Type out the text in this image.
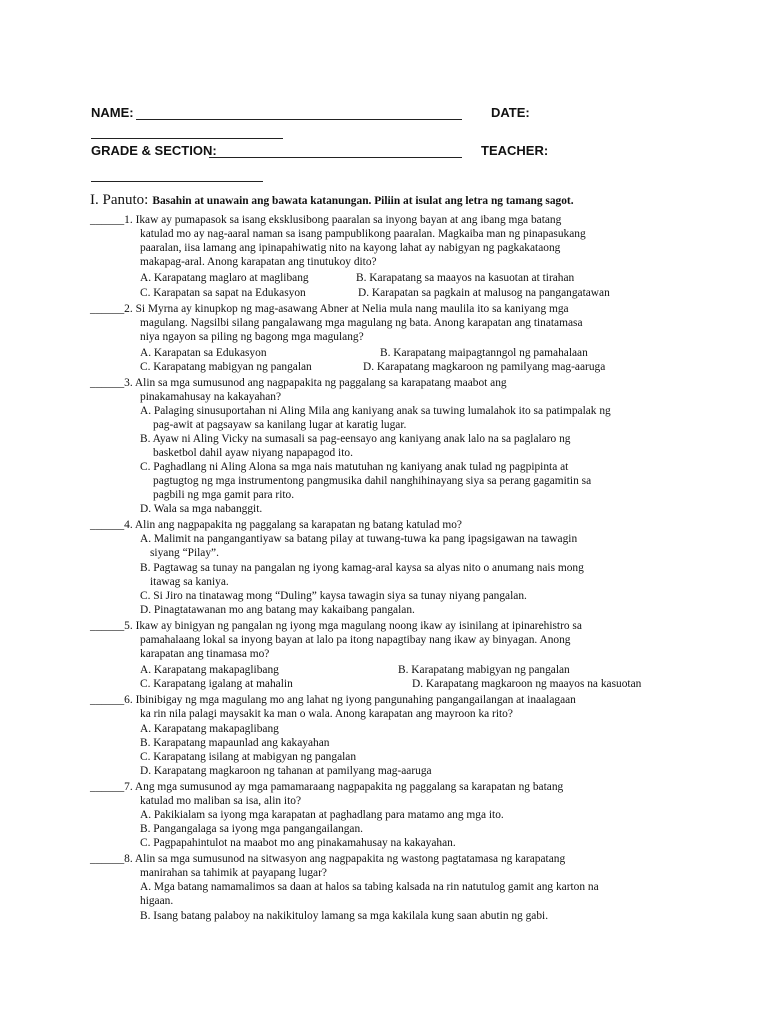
NAME:	DATE:
GRADE & SECTION:	TEACHER:
I. Panuto: Basahin at unawain ang bawata katanungan. Piliin at isulat ang letra ng tamang sagot.
______1. Ikaw ay pumapasok sa isang eksklusibong paaralan sa inyong bayan at ang ibang mga batang
katulad mo ay nag-aaral naman sa isang pampublikong paaralan. Magkaiba man ng pinapasukang
paaralan, iisa lamang ang ipinapahiwatig nito na kayong lahat ay nabigyan ng pagkakataong
makapag-aral. Anong karapatan ang tinutukoy dito?
A. Karapatang maglaro at maglibang	B. Karapatang sa maayos na kasuotan at tirahan
C. Karapatan sa sapat na Edukasyon	D. Karapatan sa pagkain at malusog na pangangatawan
______2. Si Myrna ay kinupkop ng mag-asawang Abner at Nelia mula nang maulila ito sa kaniyang mga
magulang. Nagsilbi silang pangalawang mga magulang ng bata. Anong karapatan ang tinatamasa
niya ngayon sa piling ng bagong mga magulang?
A. Karapatan sa Edukasyon	B. Karapatang maipagtanngol ng pamahalaan
C. Karapatang mabigyan ng pangalan	D. Karapatang magkaroon ng pamilyang mag-aaruga
______3. Alin sa mga sumusunod ang nagpapakita ng paggalang sa karapatang maabot ang
pinakamahusay na kakayahan?
A. Palaging sinusuportahan ni Aling Mila ang kaniyang anak sa tuwing lumalahok ito sa patimpalak ng
pag-awit at pagsayaw sa kanilang lugar at karatig lugar.
B. Ayaw ni Aling Vicky na sumasali sa pag-eensayo ang kaniyang anak lalo na sa paglalaro ng
basketbol dahil ayaw niyang napapagod ito.
C. Paghadlang ni Aling Alona sa mga nais matutuhan ng kaniyang anak tulad ng pagpipinta at
pagtugtog ng mga instrumentong pangmusika dahil nanghihinayang siya sa perang gagamitin sa
pagbili ng mga gamit para rito.
D. Wala sa mga nabanggit.
______4. Alin ang nagpapakita ng paggalang sa karapatan ng batang katulad mo?
A. Malimit na pangangantiyaw sa batang pilay at tuwang-tuwa ka pang ipagsigawan na tawagin
siyang “Pilay”.
B. Pagtawag sa tunay na pangalan ng iyong kamag-aral kaysa sa alyas nito o anumang nais mong
itawag sa kaniya.
C. Si Jiro na tinatawag mong “Duling” kaysa tawagin siya sa tunay niyang pangalan.
D. Pinagtatawanan mo ang batang may kakaibang pangalan.
______5. Ikaw ay binigyan ng pangalan ng iyong mga magulang noong ikaw ay isinilang at ipinarehistro sa
pamahalaang lokal sa inyong bayan at lalo pa itong napagtibay nang ikaw ay binyagan. Anong
karapatan ang tinamasa mo?
A. Karapatang makapaglibang	B. Karapatang mabigyan ng pangalan
C. Karapatang igalang at mahalin	D. Karapatang magkaroon ng maayos na kasuotan
______6. Ibinibigay ng mga magulang mo ang lahat ng iyong pangunahing pangangailangan at inaalagaan
ka rin nila palagi maysakit ka man o wala. Anong karapatan ang mayroon ka rito?
A. Karapatang makapaglibang
B. Karapatang mapaunlad ang kakayahan
C. Karapatang isilang at mabigyan ng pangalan
D. Karapatang magkaroon ng tahanan at pamilyang mag-aaruga
______7. Ang mga sumusunod ay mga pamamaraang nagpapakita ng paggalang sa karapatan ng batang
katulad mo maliban sa isa, alin ito?
A. Pakikialam sa iyong mga karapatan at paghadlang para matamo ang mga ito.
B. Pangangalaga sa iyong mga pangangailangan.
C. Pagpapahintulot na maabot mo ang pinakamahusay na kakayahan.
______8. Alin sa mga sumusunod na sitwasyon ang nagpapakita ng wastong pagtatamasa ng karapatang
manirahan sa tahimik at payapang lugar?
A. Mga batang namamalimos sa daan at halos sa tabing kalsada na rin natutulog gamit ang karton na
higaan.
B. Isang batang palaboy na nakikituloy lamang sa mga kakilala kung saan abutin ng gabi.
